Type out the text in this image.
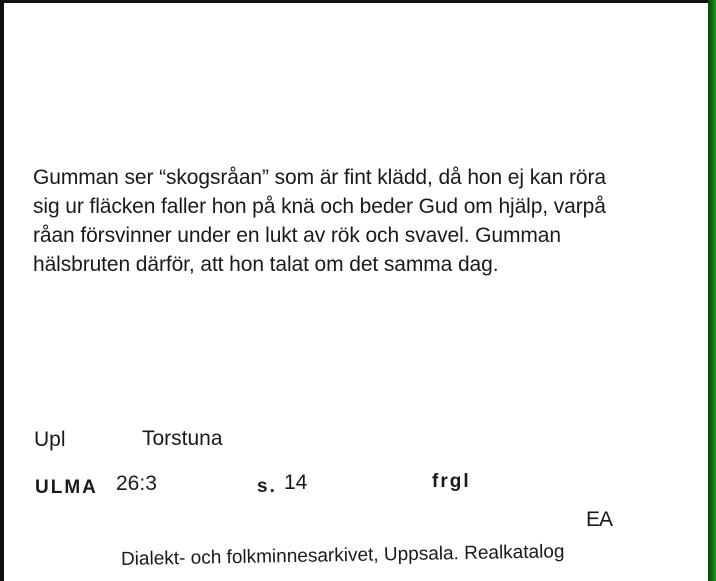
Gumman ser “skogsråan” som är fint klädd, då hon ej kan röra
sig ur fläcken faller hon på knä och beder Gud om hjälp, varpå
råan försvinner under en lukt av rök och svavel. Gumman
hälsbruten därför, att hon talat om det samma dag.
Upl	Torstuna
ULMA 26:3	s. 14	frgl
EA
Dialekt- och folkminnesarkivet, Uppsala. Realkatalog
